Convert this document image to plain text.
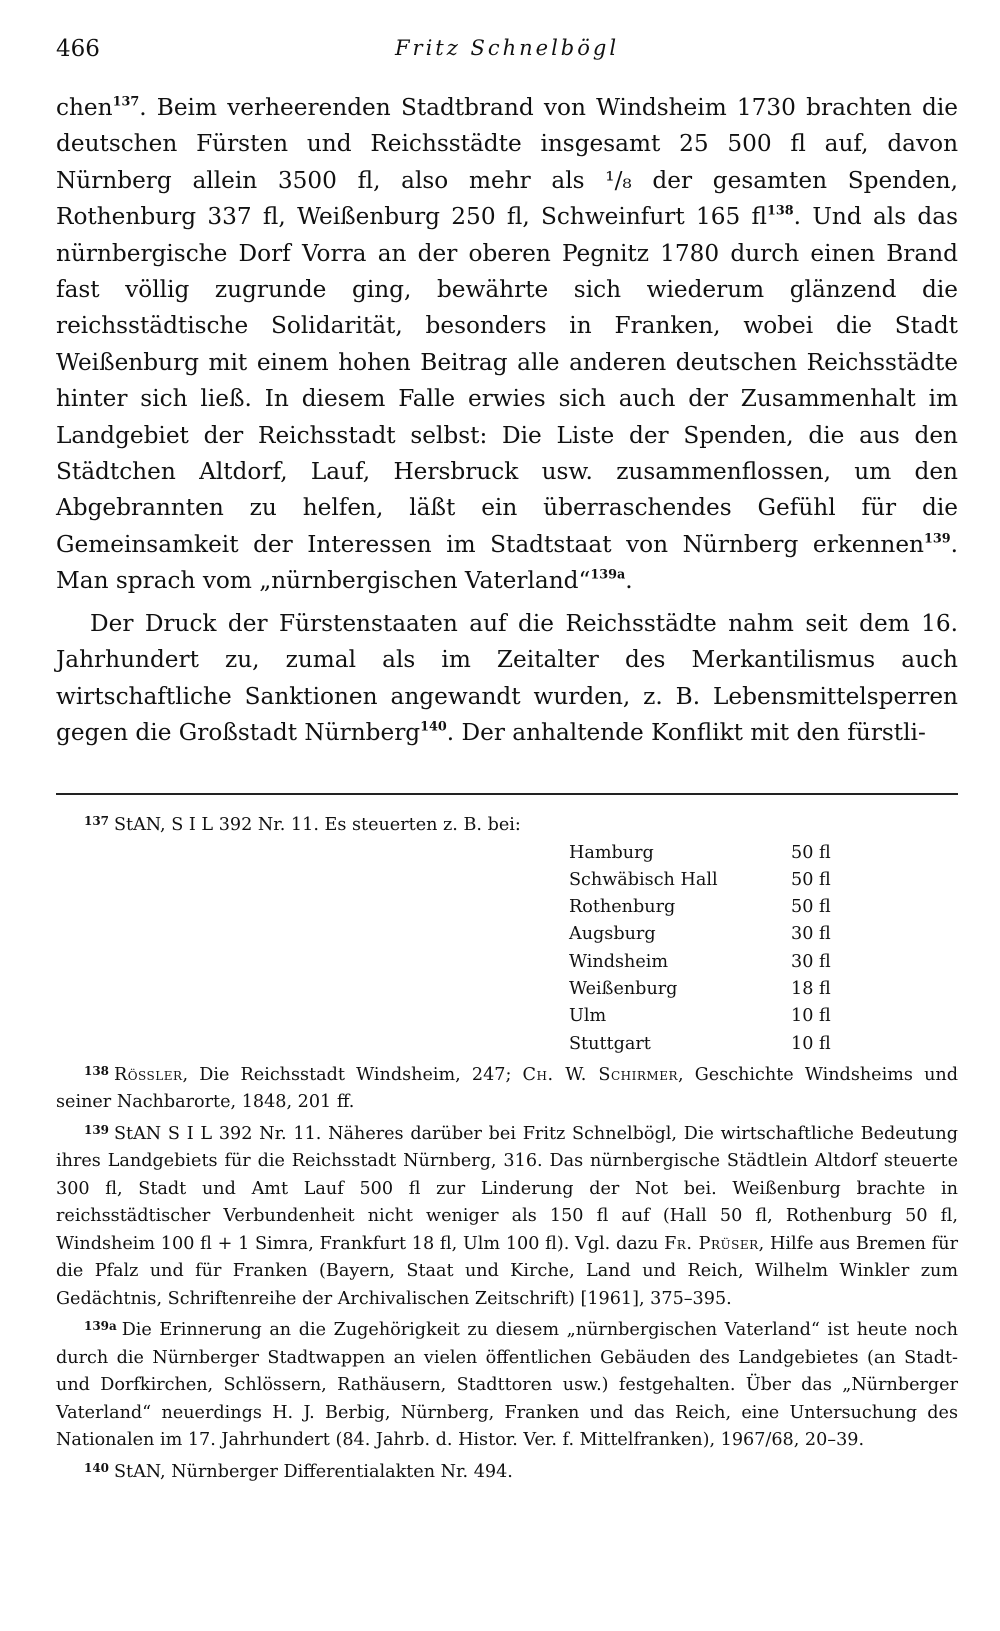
466	Fritz Schnelbögl

chen$^{137}$. Beim verheerenden Stadtbrand von Windsheim 1730 brachten die deutschen Fürsten und Reichsstädte insgesamt 25 500 fl auf, davon Nürnberg allein 3500 fl, also mehr als ¹/₈ der gesamten Spenden, Rothenburg 337 fl, Weißenburg 250 fl, Schweinfurt 165 $fl^{138}$. Und als das nürnbergische Dorf Vorra an der oberen Pegnitz 1780 durch einen Brand fast völlig zugrunde ging, bewährte sich wiederum glänzend die reichsstädtische Solidarität, besonders in Franken, wobei die Stadt Weißenburg mit einem hohen Beitrag alle anderen deutschen Reichsstädte hinter sich ließ. In diesem Falle erwies sich auch der Zusammenhalt im Landgebiet der Reichsstadt selbst: Die Liste der Spenden, die aus den Städtchen Altdorf, Lauf, Hersbruck usw. zusammenflossen, um den Abgebrannten zu helfen, läßt ein überraschendes Gefühl für die Gemeinsamkeit der Interessen im Stadtstaat von Nürnberg erkennen$^{139}$. Man sprach vom „nürnbergischen Vaterland“$^{139a}$.

Der Druck der Fürstenstaaten auf die Reichsstädte nahm seit dem 16. Jahrhundert zu, zumal als im Zeitalter des Merkantilismus auch wirtschaftliche Sanktionen angewandt wurden, z. B. Lebensmittelsperren gegen die Großstadt Nürnberg$^{140}$. Der anhaltende Konflikt mit den fürstli-

$^{137}$ StAN, S I L 392 Nr. 11. Es steuerten z. B. bei:

Hamburg	50 fl
Schwäbisch Hall	50 fl
Rothenburg	50 fl
Augsburg	30 fl
Windsheim	30 fl
Weißenburg	18 fl
Ulm	10 fl
Stuttgart	10 fl

$^{138}$ Rössler, Die Reichsstadt Windsheim, 247; Ch. W. Schirmer, Geschichte Windsheims und seiner Nachbarorte, 1848, 201 ff.

$^{139}$ StAN S I L 392 Nr. 11. Näheres darüber bei Fritz Schnelbögl, Die wirtschaftliche Bedeutung ihres Landgebiets für die Reichsstadt Nürnberg, 316. Das nürnbergische Städtlein Altdorf steuerte 300 fl, Stadt und Amt Lauf 500 fl zur Linderung der Not bei. Weißenburg brachte in reichsstädtischer Verbundenheit nicht weniger als 150 fl auf (Hall 50 fl, Rothenburg 50 fl, Windsheim 100 fl + 1 Simra, Frankfurt 18 fl, Ulm 100 fl). Vgl. dazu Fr. Prüser, Hilfe aus Bremen für die Pfalz und für Franken (Bayern, Staat und Kirche, Land und Reich, Wilhelm Winkler zum Gedächtnis, Schriftenreihe der Archivalischen Zeitschrift) [1961], 375–395.

$^{139a}$ Die Erinnerung an die Zugehörigkeit zu diesem „nürnbergischen Vaterland“ ist heute noch durch die Nürnberger Stadtwappen an vielen öffentlichen Gebäuden des Landgebietes (an Stadt- und Dorfkirchen, Schlössern, Rathäusern, Stadttoren usw.) festgehalten. Über das „Nürnberger Vaterland“ neuerdings H. J. Berbig, Nürnberg, Franken und das Reich, eine Untersuchung des Nationalen im 17. Jahrhundert (84. Jahrb. d. Histor. Ver. f. Mittelfranken), 1967/68, 20–39.

$^{140}$ StAN, Nürnberger Differentialakten Nr. 494.
